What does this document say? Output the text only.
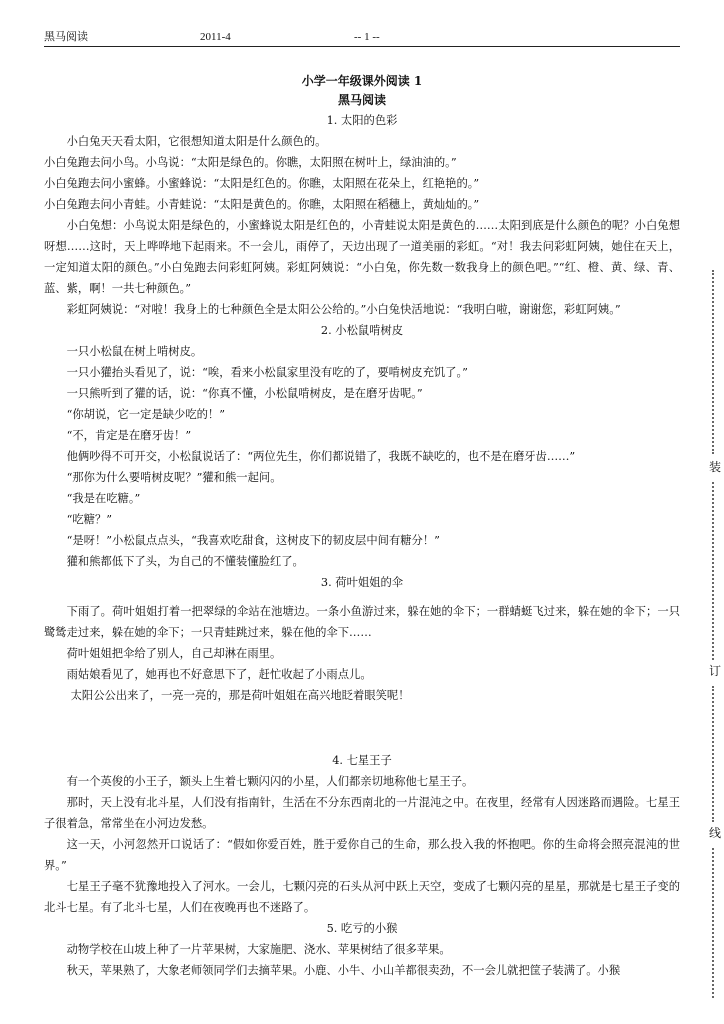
黑马阅读	2011-4	-- 1 --

小学一年级课外阅读 1

黑马阅读

1. 太阳的色彩

小白兔天天看太阳，它很想知道太阳是什么颜色的。

小白兔跑去问小鸟。小鸟说：“太阳是绿色的。你瞧，太阳照在树叶上，绿油油的。”

小白兔跑去问小蜜蜂。小蜜蜂说：“太阳是红色的。你瞧，太阳照在花朵上，红艳艳的。”

小白兔跑去问小青蛙。小青蛙说：“太阳是黄色的。你瞧，太阳照在稻穗上，黄灿灿的。”

小白兔想：小鸟说太阳是绿色的，小蜜蜂说太阳是红色的，小青蛙说太阳是黄色的……太阳到底是什么颜色的呢？小白兔想呀想……这时，天上哗哗地下起雨来。不一会儿，雨停了，天边出现了一道美丽的彩虹。“对！我去问彩虹阿姨，她住在天上，一定知道太阳的颜色。”小白兔跑去问彩虹阿姨。彩虹阿姨说：“小白兔，你先数一数我身上的颜色吧。”“红、橙、黄、绿、青、蓝、紫，啊！一共七种颜色。”

彩虹阿姨说：“对啦！我身上的七种颜色全是太阳公公给的。”小白兔快活地说：“我明白啦，谢谢您，彩虹阿姨。”

2. 小松鼠啃树皮

一只小松鼠在树上啃树皮。

一只小獾抬头看见了，说：“唉，看来小松鼠家里没有吃的了，要啃树皮充饥了。”

一只熊听到了獾的话，说：“你真不懂，小松鼠啃树皮，是在磨牙齿呢。”

“你胡说，它一定是缺少吃的！”

“不，肯定是在磨牙齿！”

他俩吵得不可开交，小松鼠说话了：“两位先生，你们都说错了，我既不缺吃的，也不是在磨牙齿……”

“那你为什么要啃树皮呢？”獾和熊一起问。

“我是在吃糖。”

“吃糖？”

“是呀！”小松鼠点点头，“我喜欢吃甜食，这树皮下的韧皮层中间有糖分！”

獾和熊都低下了头，为自己的不懂装懂脸红了。

3. 荷叶姐姐的伞

下雨了。荷叶姐姐打着一把翠绿的伞站在池塘边。一条小鱼游过来，躲在她的伞下；一群蜻蜓飞过来，躲在她的伞下；一只鹭鸶走过来，躲在她的伞下；一只青蛙跳过来，躲在他的伞下……

荷叶姐姐把伞给了别人，自己却淋在雨里。

雨姑娘看见了，她再也不好意思下了，赶忙收起了小雨点儿。

太阳公公出来了，一亮一亮的，那是荷叶姐姐在高兴地眨着眼笑呢！

4. 七星王子

有一个英俊的小王子，额头上生着七颗闪闪的小星，人们都亲切地称他七星王子。

那时，天上没有北斗星，人们没有指南针，生活在不分东西南北的一片混沌之中。在夜里，经常有人因迷路而遇险。七星王子很着急，常常坐在小河边发愁。

这一天，小河忽然开口说话了：“假如你爱百姓，胜于爱你自己的生命，那么投入我的怀抱吧。你的生命将会照亮混沌的世界。”

七星王子毫不犹豫地投入了河水。一会儿，七颗闪亮的石头从河中跃上天空，变成了七颗闪亮的星星，那就是七星王子变的北斗七星。有了北斗七星，人们在夜晚再也不迷路了。

5. 吃亏的小猴

动物学校在山坡上种了一片苹果树，大家施肥、浇水、苹果树结了很多苹果。

秋天，苹果熟了，大象老师领同学们去摘苹果。小鹿、小牛、小山羊都很卖劲，不一会儿就把筐子装满了。小猴

装
订
线
